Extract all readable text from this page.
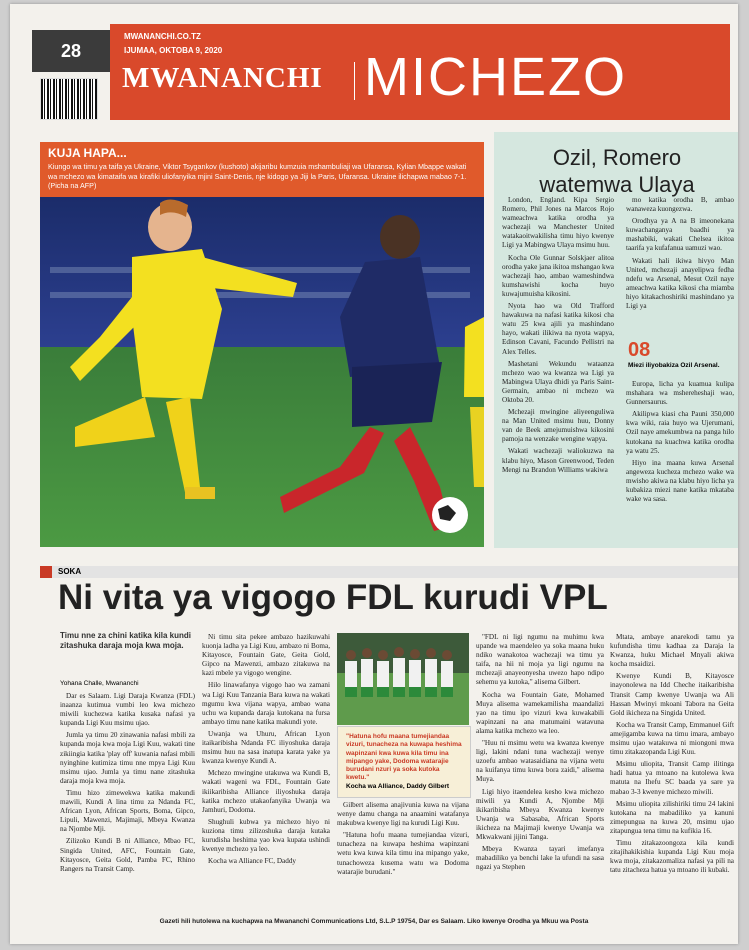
28
MWANANCHI.CO.TZ
IJUMAA, OKTOBA 9, 2020
MWANANCHI MICHEZO
KUJA HAPA...
Kiungo wa timu ya taifa ya Ukraine, Viktor Tsygankov (kushoto) akijaribu kumzuia mshambuliaji wa Ufaransa, Kylian Mbappe wakati wa mchezo wa kimataifa wa kirafiki uliofanyika mjini Saint-Denis, nje kidogo ya Jiji la Paris, Ufaransa. Ukraine ilichapwa mabao 7-1. (Picha na AFP)
Ozil, Romero watemwa Ulaya

London, England. Kipa Sergio Romero, Phil Jones na Marcos Rojo wameachwa katika orodha ya wachezaji wa Manchester United watakaoitwakilisha timu hiyo kwenye Ligi ya Mabingwa Ulaya msimu huu.

Kocha Ole Gunnar Solskjaer alitoa orodha yake jana ikitoa mshangao kwa wachezaji hao, ambao wameshindwa kumshawishi kocha huyo kuwajumuisha kikosini.

Nyota hao wa Old Trafford hawakuwa na nafasi katika kikosi cha watu 25 kwa ajili ya mashindano hayo, wakati ilikiwa na nyota wapya, Edinson Cavani, Facundo Pellistri na Alex Telles.

Mashetani Wekundu wataanza mchezo wao wa kwanza wa Ligi ya Mabingwa Ulaya dhidi ya Paris Saint-Germain, ambao ni mchezo wa Oktoba 20.

Mchezaji mwingine aliyeenguliwa na Man United msimu huu, Donny van de Beek amejumuishwa kikosini pamoja na wenzake wengine wapya.

Wakati wachezaji waliokuzwa na klabu hiyo, Mason Greenwood, Teden Mengi na Brandon Williams wakiwa

mo katika orodha B, ambao wanaweza kuongezwa.

Orodhya ya A na B imeonekana kuwachanganya baadhi ya mashabiki, wakati Chelsea ikitoa taarifa ya kufafanua uamuzi wao.

Wakati hali ikiwa hivyo Man United, mchezaji anayelipwa fedha ndefu wa Arsenal, Mesut Ozil naye ameachwa katika kikosi cha miamba hiyo kitakachoshiriki mashindano ya Ligi ya

08
Miezi iliyobakiza Ozil Arsenal.

Europa, licha ya kuamua kulipa mshahara wa mshereheshaji wao, Gunnersaurus.

Akilipwa kiasi cha Pauni 350,000 kwa wiki, raia huyo wa Ujerumani, Ozil naye amekumbwa na panga hilo kutokana na kuachwa katika orodha ya watu 25.

Hiyo ina maana kuwa Arsenal angeweza kucheza mchezo wake wa mwisho akiwa na klabu hiyo licha ya kubakiza miezi nane katika mkataba wake wa sasa.

SOKA
Ni vita ya vigogo FDL kurudi VPL
Timu nne za chini katika kila kundi zitashuka daraja moja kwa moja.
Yohana Challe, Mwananchi

Dar es Salaam. Ligi Daraja Kwanza (FDL) inaanza kutimua vumbi leo kwa michezo miwili kuchezwa katika kusaka nafasi ya kupanda Ligi Kuu msimu ujao.

Jumla ya timu 20 zinawania nafasi mbili za kupanda moja kwa moja Ligi Kuu, wakati tine zikiingia katika 'play off' kuwania nafasi mbili nyinghine kutimiza timu nne mpya Ligi Kuu msimu ujao. Jumla ya timu nane zitashuka daraja moja kwa moja.

Timu hizo zimewekwa katika makundi mawili, Kundi A lina timu za Ndanda FC, African Lyon, African Sports, Boma, Gipco, Lipuli, Mawenzi, Majimaji, Mbeya Kwanza na Njombe Mji.

Zilizoko Kundi B ni Alliance, Mbao FC, Singida United, AFC, Fountain Gate, Kitayosce, Geita Gold, Pamba FC, Rhino Rangers na Transit Camp.

Ni timu sita pekee ambazo hazikuwahi kuonja ladha ya Ligi Kuu, ambazo ni Boma, Kitayosce, Fountain Gate, Geita Gold, Gipco na Mawenzi, ambazo zitakuwa na kazi mbele ya vigogo wengine.

Hilo linawafanya vigogo hao wa zamani wa Ligi Kuu Tanzania Bara kuwa na wakati mgumu kwa vijana wapya, ambao wana uchu wa kupanda daraja kutokana na fursa ambayo timu nane katika makundi yote.

Uwanja wa Uhuru, African Lyon itaikaribisha Ndanda FC iliyoshuka daraja msimu huu na sasa inatupa karata yake ya kwanza kwenye Kundi A.

Mchezo mwingine utakuwa wa Kundi B, wakati wageni wa FDL, Fountain Gate ikiikaribisha Alliance iliyoshuka daraja katika mchezo utakaofanyika Uwanja wa Jamhuri, Dodoma.

Shughuli kubwa ya michezo hiyo ni kuziona timu zilizoshuka daraja kutaka kurudisha heshima yao kwa kupata ushindi kwenye mchezo ya leo.

Kocha wa Alliance FC, Daddy

"Hatuna hofu maana tumejiandaa vizuri, tunacheza na kuwapa heshima wapinzani kwa kuwa kila timu ina mipango yake, Dodoma watarajie burudani nzuri ya soka kutoka kwetu."
Kocha wa Alliance, Daddy Gilbert

Gilbert alisema anajivunia kuwa na vijana wenye damu changa na anaamini watafanya makubwa kwenye ligi na kurudi Ligi Kuu.

"Hatuna hofu maana tumejiandaa vizuri, tunacheza na kuwapa heshima wapinzani wetu kwa kuwa kila timu ina mipango yake, tunachoweza kusema watu wa Dodoma watarajie burudani."

"FDL ni ligi ngumu na muhimu kwa upande wa maendeleo ya soka maana huku ndiko wanakotoa wachezaji wa timu ya taifa, na hii ni moja ya ligi ngumu na mchezaji anayeonyesha uwezo hapo ndipo sehemu ya kutoka," alisema Gilbert.

Kocha wa Fountain Gate, Mohamed Muya alisema wamekamilisha maandalizi yao na timu ipo vizuri kwa kuwakabili wapinzani na ana matumaini watavuna alama katika mchezo wa leo.

"Huu ni msimu wetu wa kwanza kwenye ligi, lakini ndani tuna wachezaji wenye uzoefu ambao watasaidiana na vijana wetu na kuifanya timu kuwa bora zaidi," alisema Muya.

Ligi hiyo itaendelea kesho kwa michezo miwili ya Kundi A, Njombe Mji ikikaribisha Mbeya Kwanza kwenye Uwanja wa Sabasaba, African Sports ikicheza na Majimaji kwenye Uwanja wa Mkwakwani jijini Tanga.

Mbeya Kwanza tayari imefanya mabadiliko ya benchi lake la ufundi na sasa ngazi ya Stephen

Mtata, ambaye anarekodi tamu ya kufundisha timu kadhaa za Daraja la Kwanza, huku Michael Mnyali akiwa kocha msaidizi.

Kwenye Kundi B, Kitayosce inayonolewa na Idd Cheche itaikaribisha Transit Camp kwenye Uwanja wa Ali Hassan Mwinyi mkoani Tabora na Geita Gold ikicheza na Singida United.

Kocha wa Transit Camp, Emmanuel Gift amejigamba kuwa na timu imara, ambayo msimu ujao watakuwa ni miongoni mwa timu zitakazopanda Ligi Kuu.

Msimu uliopita, Transit Camp ilitinga hadi hatua ya mtoano na kutolewa kwa matuta na Ihefu SC baada ya sare ya mabao 3-3 kwenye michezo miwili.

Msimu uliopita zilishiriki timu 24 lakini kutokana na mabadiliko ya kanuni zimepungua na kuwa 20, msimu ujao zitapungua tena timu na kufikia 16.

Timu zitakazoongoza kila kundi zitajihakikishia kupanda Ligi Kuu moja kwa moja, zitakazomaliza nafasi ya pili na tatu zitacheza hatua ya mtoano ili kubaki.

Gazeti hili hutolewa na kuchapwa na Mwananchi Communications Ltd, S.L.P 19754, Dar es Salaam. Liko kwenye Orodha ya Mkuu wa Posta
